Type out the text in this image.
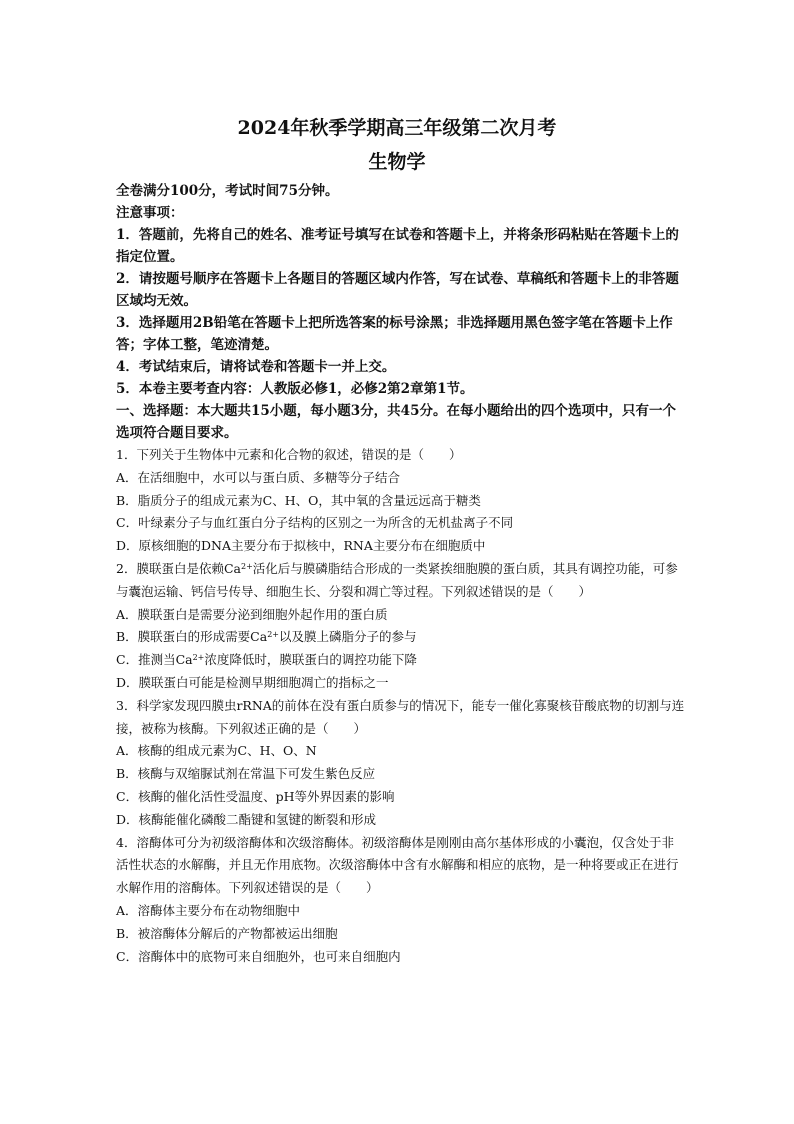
2024年秋季学期高三年级第二次月考
生物学

全卷满分100分，考试时间75分钟。

注意事项：

1．答题前，先将自己的姓名、准考证号填写在试卷和答题卡上，并将条形码粘贴在答题卡上的指定位置。

2．请按题号顺序在答题卡上各题目的答题区域内作答，写在试卷、草稿纸和答题卡上的非答题区域均无效。

3．选择题用2B铅笔在答题卡上把所选答案的标号涂黑；非选择题用黑色签字笔在答题卡上作答；字体工整，笔迹清楚。

4．考试结束后，请将试卷和答题卡一并上交。

5．本卷主要考查内容：人教版必修1，必修2第2章第1节。

一、选择题：本大题共15小题，每小题3分，共45分。在每小题给出的四个选项中，只有一个选项符合题目要求。

1．下列关于生物体中元素和化合物的叙述，错误的是（　　）

A．在活细胞中，水可以与蛋白质、多糖等分子结合

B．脂质分子的组成元素为C、H、O，其中氧的含量远远高于糖类

C．叶绿素分子与血红蛋白分子结构的区别之一为所含的无机盐离子不同

D．原核细胞的DNA主要分布于拟核中，RNA主要分布在细胞质中

2．膜联蛋白是依赖$Ca^{2+}$活化后与膜磷脂结合形成的一类紧挨细胞膜的蛋白质，其具有调控功能，可参与囊泡运输、钙信号传导、细胞生长、分裂和凋亡等过程。下列叙述错误的是（　　）

A．膜联蛋白是需要分泌到细胞外起作用的蛋白质

B．膜联蛋白的形成需要$Ca^{2+}$以及膜上磷脂分子的参与

C．推测当$Ca^{2+}$浓度降低时，膜联蛋白的调控功能下降

D．膜联蛋白可能是检测早期细胞凋亡的指标之一

3．科学家发现四膜虫rRNA的前体在没有蛋白质参与的情况下，能专一催化寡聚核苷酸底物的切割与连接，被称为核酶。下列叙述正确的是（　　）

A．核酶的组成元素为C、H、O、N

B．核酶与双缩脲试剂在常温下可发生紫色反应

C．核酶的催化活性受温度、pH等外界因素的影响

D．核酶能催化磷酸二酯键和氢键的断裂和形成

4．溶酶体可分为初级溶酶体和次级溶酶体。初级溶酶体是刚刚由高尔基体形成的小囊泡，仅含处于非活性状态的水解酶，并且无作用底物。次级溶酶体中含有水解酶和相应的底物，是一种将要或正在进行水解作用的溶酶体。下列叙述错误的是（　　）

A．溶酶体主要分布在动物细胞中

B．被溶酶体分解后的产物都被运出细胞

C．溶酶体中的底物可来自细胞外，也可来自细胞内
